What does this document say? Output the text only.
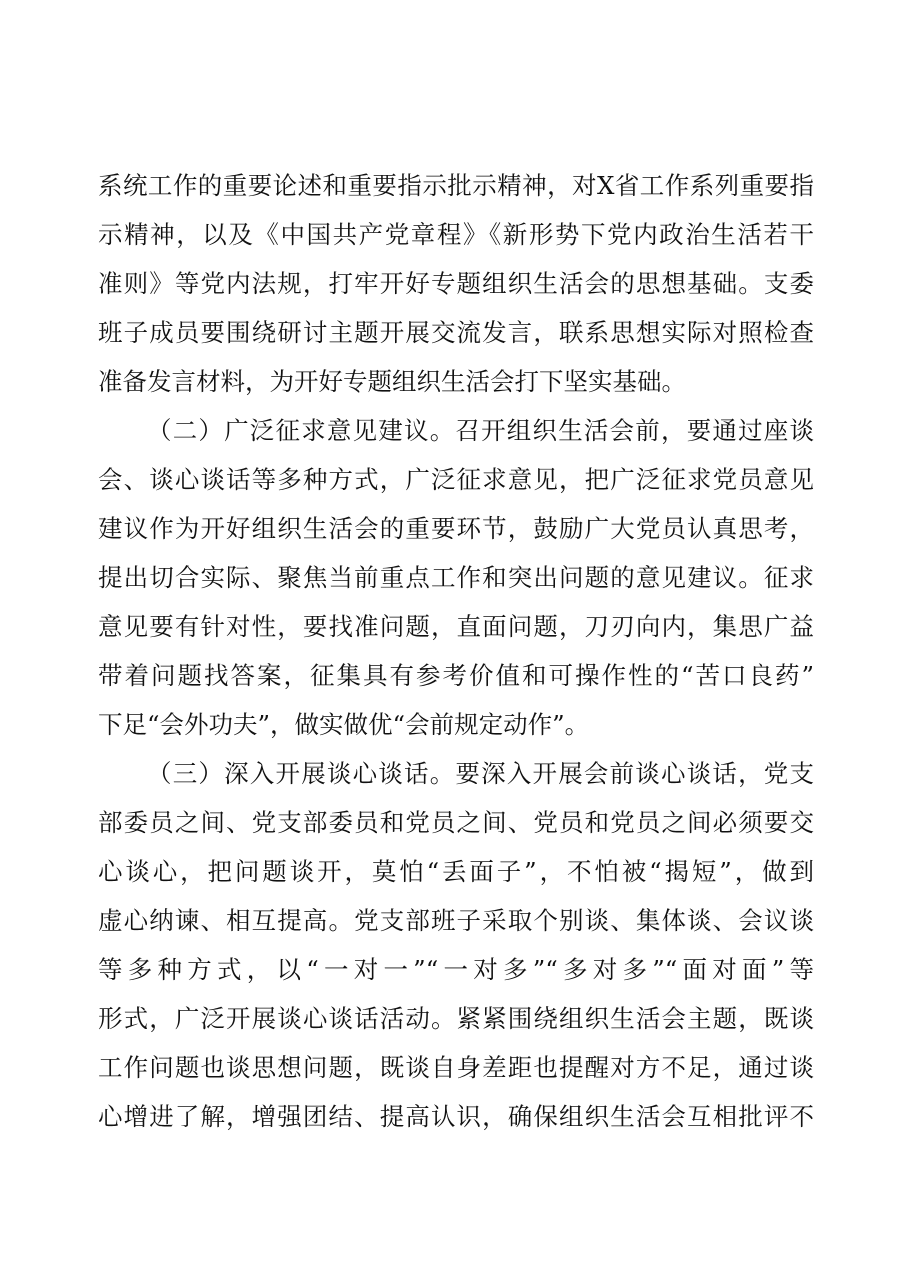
系统工作的重要论述和重要指示批示精神，对X省工作系列重要指
示精神，以及《中国共产党章程》《新形势下党内政治生活若干
准则》等党内法规，打牢开好专题组织生活会的思想基础。支委
班子成员要围绕研讨主题开展交流发言，联系思想实际对照检查
准备发言材料，为开好专题组织生活会打下坚实基础。
（二）广泛征求意见建议。召开组织生活会前，要通过座谈
会、谈心谈话等多种方式，广泛征求意见，把广泛征求党员意见
建议作为开好组织生活会的重要环节，鼓励广大党员认真思考，
提出切合实际、聚焦当前重点工作和突出问题的意见建议。征求
意见要有针对性，要找准问题，直面问题，刀刃向内，集思广益
带着问题找答案，征集具有参考价值和可操作性的“苦口良药”
下足“会外功夫”，做实做优“会前规定动作”。
（三）深入开展谈心谈话。要深入开展会前谈心谈话，党支
部委员之间、党支部委员和党员之间、党员和党员之间必须要交
心谈心，把问题谈开，莫怕“丢面子”，不怕被“揭短”，做到
虚心纳谏、相互提高。党支部班子采取个别谈、集体谈、会议谈
等多种方式，以“一对一”“一对多”“多对多”“面对面”等
形式，广泛开展谈心谈话活动。紧紧围绕组织生活会主题，既谈
工作问题也谈思想问题，既谈自身差距也提醒对方不足，通过谈
心增进了解，增强团结、提高认识，确保组织生活会互相批评不
